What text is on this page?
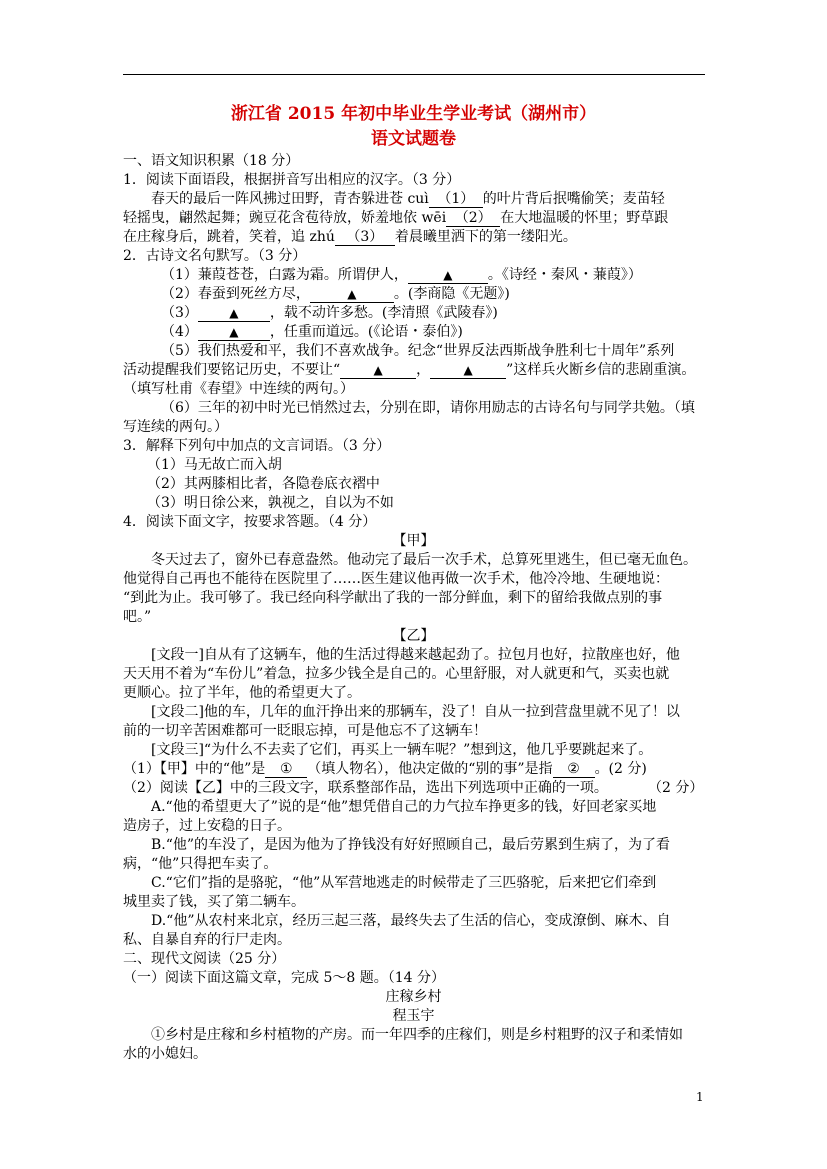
浙江省 2015 年初中毕业生学业考试（湖州市）
语文试题卷
一、语文知识积累（18 分）
1．阅读下面语段，根据拼音写出相应的汉字。（3 分）
春天的最后一阵风拂过田野，青杏躲进苍 cuì （1） 的叶片背后抿嘴偷笑；麦苗轻
轻摇曳，翩然起舞；豌豆花含苞待放，娇羞地依 wēi （2） 在大地温暖的怀里；野草跟
在庄稼身后，跳着，笑着，追 zhú （3） 着晨曦里洒下的第一缕阳光。
2．古诗文名句默写。（3 分）
（1）蒹葭苍苍，白露为霜。所谓伊人，	▲	。《诗经・秦风・蒹葭》）
（2）春蚕到死丝方尽，	▲	。(李商隐《无题》)
（3）	▲ ，载不动许多愁。(李清照《武陵春》)
（4）	▲ ，任重而道远。(《论语・泰伯》)
（5）我们热爱和平，我们不喜欢战争。纪念“世界反法西斯战争胜利七十周年”系列
活动提醒我们要铭记历史，不要让“	▲ ，	▲ ”这样兵火断乡信的悲剧重演。
（填写杜甫《春望》中连续的两句。）
（6）三年的初中时光已悄然过去，分别在即，请你用励志的古诗名句与同学共勉。（填
写连续的两句。）
3．解释下列句中加点的文言词语。（3 分）
（1）马无故亡而入胡
（2）其两膝相比者，各隐卷底衣褶中
（3）明日徐公来，孰视之，自以为不如
4．阅读下面文字，按要求答题。（4 分）
【甲】
冬天过去了，窗外已春意盎然。他动完了最后一次手术，总算死里逃生，但已毫无血色。
他觉得自己再也不能待在医院里了……医生建议他再做一次手术，他冷冷地、生硬地说：
“到此为止。我可够了。我已经向科学献出了我的一部分鲜血，剩下的留给我做点别的事
吧。”
【乙】
[文段一]自从有了这辆车，他的生活过得越来越起劲了。拉包月也好，拉散座也好，他
天天用不着为“车份儿”着急，拉多少钱全是自己的。心里舒服，对人就更和气，买卖也就
更顺心。拉了半年，他的希望更大了。
[文段二]他的车，几年的血汗挣出来的那辆车，没了！自从一拉到营盘里就不见了！以
前的一切辛苦困难都可一眨眼忘掉，可是他忘不了这辆车！
[文段三]“为什么不去卖了它们，再买上一辆车呢？”想到这，他几乎要跳起来了。
（1）【甲】中的“他”是 ① （填人物名），他决定做的“别的事”是指 ② 。(2 分)
（2）阅读【乙】中的三段文字，联系整部作品，选出下列选项中正确的一项。	（2 分）
A.“他的希望更大了”说的是“他”想凭借自己的力气拉车挣更多的钱，好回老家买地
造房子，过上安稳的日子。
B.“他”的车没了，是因为他为了挣钱没有好好照顾自己，最后劳累到生病了，为了看
病，“他”只得把车卖了。
C.“它们”指的是骆驼，“他”从军营地逃走的时候带走了三匹骆驼，后来把它们牵到
城里卖了钱，买了第二辆车。
D.“他”从农村来北京，经历三起三落，最终失去了生活的信心，变成潦倒、麻木、自
私、自暴自弃的行尸走肉。
二、现代文阅读（25 分）
（一）阅读下面这篇文章，完成 5～8 题。（14 分）
庄稼乡村
程玉宇
①乡村是庄稼和乡村植物的产房。而一年四季的庄稼们，则是乡村粗野的汉子和柔情如
水的小媳妇。
1
